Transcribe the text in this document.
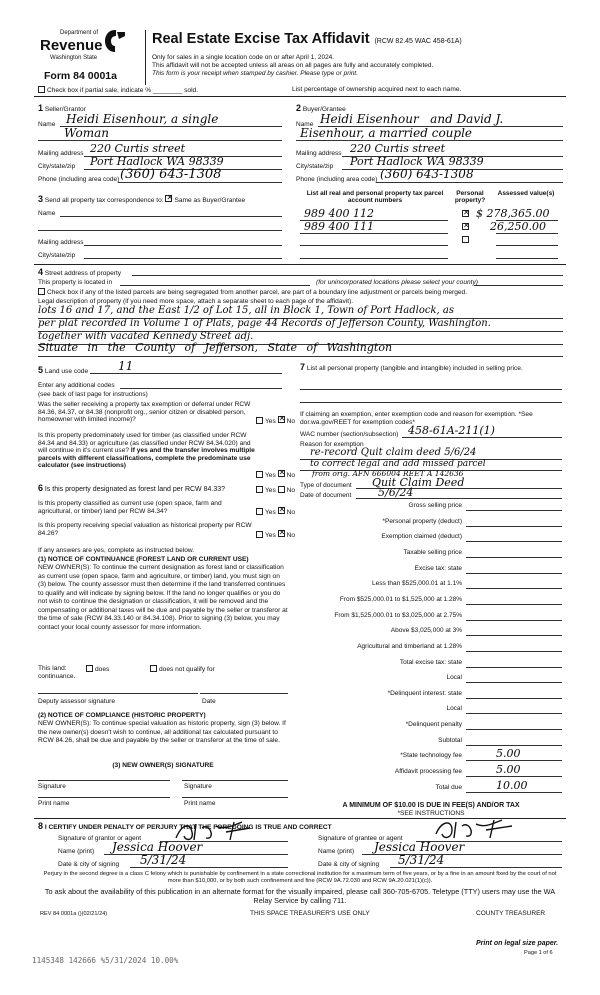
Department of
Revenue
Washington State
Form 84 0001a
Real Estate Excise Tax Affidavit (RCW 82.45 WAC 458-61A)
Only for sales in a single location code on or after April 1, 2024.
This affidavit will not be accepted unless all areas on all pages are fully and accurately completed.
This form is your receipt when stamped by cashier. Please type or print.
Check box if partial sale, indicate % ________ sold.	List percentage of ownership acquired next to each name.
1 Seller/Grantor
Name Heidi Eisenhour, a single
Woman
Mailing address 220 Curtis street
City/state/zip Port Hadlock WA 98339
Phone (including area code) (360) 643-1308
2 Buyer/Grantee
Name Heidi Eisenhour   and David J.
Eisenhour, a married couple
Mailing address 220 Curtis street
City/state/zip Port Hadlock WA 98339
Phone (including area code) (360) 643-1308
3 Send all property tax correspondence to: ✕ Same as Buyer/Grantee
Name
Mailing address
City/state/zip
List all real and personal property tax parcel account numbers
Personal property?
Assessed value(s)
989 400 112 ✕	$ 278,365.00
989 400 111 ✕	26,250.00
4 Street address of property
This property is located in	(for unincorporated locations please select your county)
Check box if any of the listed parcels are being segregated from another parcel, are part of a boundary line adjustment or parcels being merged.
Legal description of property (if you need more space, attach a separate sheet to each page of the affidavit).
lots 16 and 17, and the East 1/2 of Lot 15, all in Block 1, Town of Port Hadlock, as
per plat recorded in Volume 1 of Plats, page 44 Records of Jefferson County, Washington.
together with vacated Kennedy Street adj.
Situate in the County of Jefferson, State of Washington
5 Land use code 11
Enter any additional codes
(see back of last page for instructions)
Was the seller receiving a property tax exemption or deferral under RCW 84.36, 84.37, or 84.38 (nonprofit org., senior citizen or disabled person, homeowner with limited income)?	Yes ✕ No
Is this property predominately used for timber (as classified under RCW 84.34 and 84.33) or agriculture (as classified under RCW 84.34.020) and will continue in it's current use? If yes and the transfer involves multiple parcels with different classifications, complete the predominate use calculator (see instructions)
Yes ✕ No
6 Is this property designated as forest land per RCW 84.33?	Yes No
Is this property classified as current use (open space, farm and agricultural, or timber) land per RCW 84.34?	Yes ✕ No
Is this property receiving special valuation as historical property per RCW 84.26?	Yes ✕ No
If any answers are yes, complete as instructed below.
(1) NOTICE OF CONTINUANCE (FOREST LAND OR CURRENT USE)
NEW OWNER(S): To continue the current designation as forest land or classification as current use (open space, farm and agriculture, or timber) land, you must sign on (3) below. The county assessor must then determine if the land transferred continues to qualify and will indicate by signing below. If the land no longer qualifies or you do not wish to continue the designation or classification, it will be removed and the compensating or additional taxes will be due and payable by the seller or transferor at the time of sale (RCW 84.33.140 or 84.34.108). Prior to signing (3) below, you may contact your local county assessor for more information.
This land:	does	does not qualify for
continuance.
Deputy assessor signature	Date
(2) NOTICE OF COMPLIANCE (HISTORIC PROPERTY)
NEW OWNER(S): To continue special valuation as historic property, sign (3) below. If the new owner(s) doesn't wish to continue, all additional tax calculated pursuant to RCW 84.26, shall be due and payable by the seller or transferor at the time of sale.
(3) NEW OWNER(S) SIGNATURE
Signature	Signature
Print name	Print name
7 List all personal property (tangible and intangible) included in selling price.
If claiming an exemption, enter exemption code and reason for exemption. *See dor.wa.gov/REET for exemption codes*
WAC number (section/subsection) 458-61A-211(1)
Reason for exemption
re-record Quit claim deed 5/6/24
to correct legal and add missed parcel
from orig. AFN 666004 REET A 142636
Type of document Quit Claim Deed
Date of document 5/6/24
Gross selling price
*Personal property (deduct)
Exemption claimed (deduct)
Taxable selling price
Excise tax: state
Less than $525,000.01 at 1.1%
From $525,000.01 to $1,525,000 at 1.28%
From $1,525,000.01 to $3,025,000 at 2.75%
Above $3,025,000 at 3%
Agricultural and timberland at 1.28%
Total excise tax: state
Local
*Delinquent interest: state
Local
*Delinquent penalty
Subtotal
*State technology fee	5.00
Affidavit processing fee	5.00
Total due	10.00
A MINIMUM OF $10.00 IS DUE IN FEE(S) AND/OR TAX
*SEE INSTRUCTIONS
8 I CERTIFY UNDER PENALTY OF PERJURY THAT THE FOREGOING IS TRUE AND CORRECT
Signature of grantor or agent	Signature of grantee or agent
Name (print) Jessica Hoover	Name (print) Jessica Hoover
Date & city of signing 5/31/24	Date & city of signing 5/31/24
Perjury in the second degree is a class C felony which is punishable by confinement in a state correctional institution for a maximum term of five years, or by a fine in an amount fixed by the court of not more than $10,000, or by both such confinement and fine (RCW 9A.72.030 and RCW 9A.20.021(1)(c)).
To ask about the availability of this publication in an alternate format for the visually impaired, please call 360-705-6705. Teletype (TTY) users may use the WA Relay Service by calling 711.
REV 84 0001a ()(02/21/24)	THIS SPACE TREASURER'S USE ONLY	COUNTY TREASURER
Print on legal size paper.
Page 1 of 6
1145348 142666 %5/31/2024 10.00%
